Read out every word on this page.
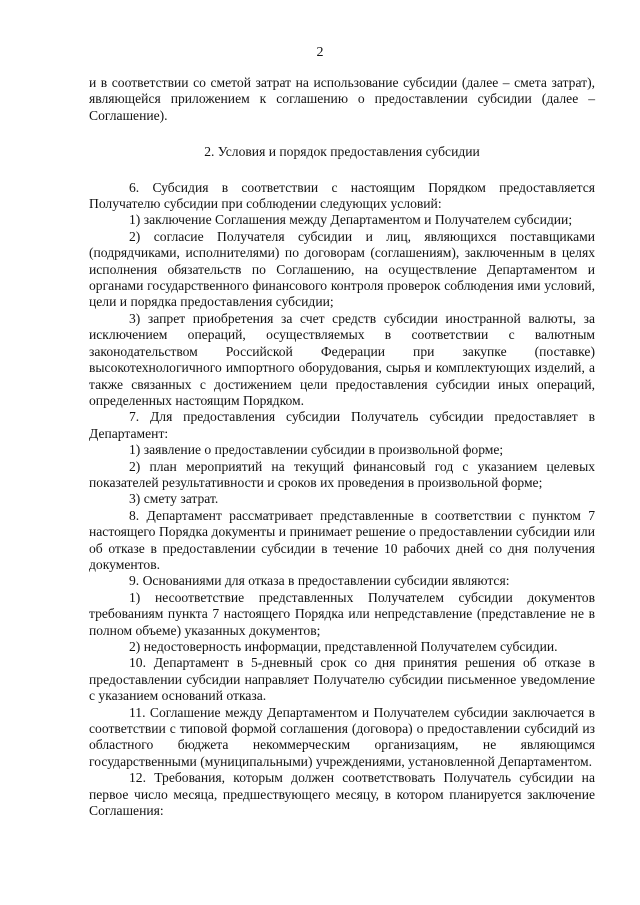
2

и в соответствии со сметой затрат на использование субсидии (далее – смета затрат), являющейся приложением к соглашению о предоставлении субсидии (далее – Соглашение).

2. Условия и порядок предоставления субсидии

6. Субсидия в соответствии с настоящим Порядком предоставляется Получателю субсидии при соблюдении следующих условий:

1) заключение Соглашения между Департаментом и Получателем субсидии;

2) согласие Получателя субсидии и лиц, являющихся поставщиками (подрядчиками, исполнителями) по договорам (соглашениям), заключенным в целях исполнения обязательств по Соглашению, на осуществление Департаментом и органами государственного финансового контроля проверок соблюдения ими условий, цели и порядка предоставления субсидии;

3) запрет приобретения за счет средств субсидии иностранной валюты, за исключением операций, осуществляемых в соответствии с валютным законодательством Российской Федерации при закупке (поставке) высокотехнологичного импортного оборудования, сырья и комплектующих изделий, а также связанных с достижением цели предоставления субсидии иных операций, определенных настоящим Порядком.

7. Для предоставления субсидии Получатель субсидии предоставляет в Департамент:

1) заявление о предоставлении субсидии в произвольной форме;

2) план мероприятий на текущий финансовый год с указанием целевых показателей результативности и сроков их проведения в произвольной форме;

3) смету затрат.

8. Департамент рассматривает представленные в соответствии с пунктом 7 настоящего Порядка документы и принимает решение о предоставлении субсидии или об отказе в предоставлении субсидии в течение 10 рабочих дней со дня получения документов.

9. Основаниями для отказа в предоставлении субсидии являются:

1) несоответствие представленных Получателем субсидии документов требованиям пункта 7 настоящего Порядка или непредставление (представление не в полном объеме) указанных документов;

2) недостоверность информации, представленной Получателем субсидии.

10. Департамент в 5-дневный срок со дня принятия решения об отказе в предоставлении субсидии направляет Получателю субсидии письменное уведомление с указанием оснований отказа.

11. Соглашение между Департаментом и Получателем субсидии заключается в соответствии с типовой формой соглашения (договора) о предоставлении субсидий из областного бюджета некоммерческим организациям, не являющимся государственными (муниципальными) учреждениями, установленной Департаментом.

12. Требования, которым должен соответствовать Получатель субсидии на первое число месяца, предшествующего месяцу, в котором планируется заключение Соглашения:
